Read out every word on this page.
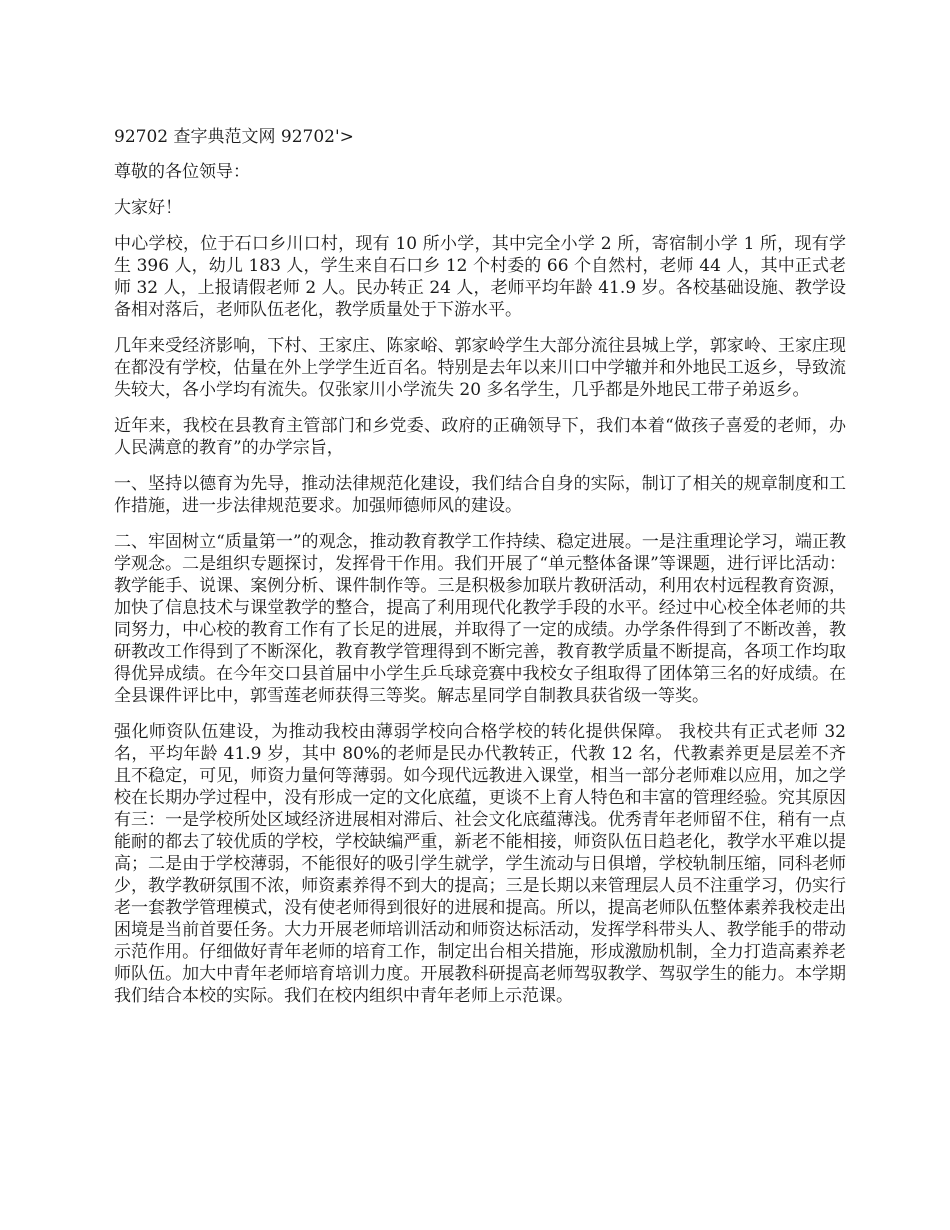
92702 查字典范文网 92702'>

尊敬的各位领导：

大家好！

中心学校，位于石口乡川口村，现有 10 所小学，其中完全小学 2 所，寄宿制小学 1 所，现有学生 396 人，幼儿 183 人，学生来自石口乡 12 个村委的 66 个自然村，老师 44 人，其中正式老师 32 人，上报请假老师 2 人。民办转正 24 人，老师平均年龄 41.9 岁。各校基础设施、教学设备相对落后，老师队伍老化，教学质量处于下游水平。

几年来受经济影响，下村、王家庄、陈家峪、郭家岭学生大部分流往县城上学，郭家岭、王家庄现在都没有学校，估量在外上学学生近百名。特别是去年以来川口中学辙并和外地民工返乡，导致流失较大，各小学均有流失。仅张家川小学流失 20 多名学生，几乎都是外地民工带子弟返乡。

近年来，我校在县教育主管部门和乡党委、政府的正确领导下，我们本着“做孩子喜爱的老师，办人民满意的教育”的办学宗旨，

一、坚持以德育为先导，推动法律规范化建设，我们结合自身的实际，制订了相关的规章制度和工作措施，进一步法律规范要求。加强师德师风的建设。

二、牢固树立“质量第一”的观念，推动教育教学工作持续、稳定进展。一是注重理论学习，端正教学观念。二是组织专题探讨，发挥骨干作用。我们开展了“单元整体备课”等课题，进行评比活动：教学能手、说课、案例分析、课件制作等。三是积极参加联片教研活动，利用农村远程教育资源，加快了信息技术与课堂教学的整合，提高了利用现代化教学手段的水平。经过中心校全体老师的共同努力，中心校的教育工作有了长足的进展，并取得了一定的成绩。办学条件得到了不断改善，教研教改工作得到了不断深化，教育教学管理得到不断完善，教育教学质量不断提高，各项工作均取得优异成绩。在今年交口县首届中小学生乒乓球竞赛中我校女子组取得了团体第三名的好成绩。在全县课件评比中，郭雪莲老师获得三等奖。解志星同学自制教具获省级一等奖。

强化师资队伍建设，为推动我校由薄弱学校向合格学校的转化提供保障。 我校共有正式老师 32 名，平均年龄 41.9 岁，其中 80%的老师是民办代教转正，代教 12 名，代教素养更是层差不齐且不稳定，可见，师资力量何等薄弱。如今现代远教进入课堂，相当一部分老师难以应用，加之学校在长期办学过程中，没有形成一定的文化底蕴，更谈不上育人特色和丰富的管理经验。究其原因有三：一是学校所处区域经济进展相对滞后、社会文化底蕴薄浅。优秀青年老师留不住，稍有一点能耐的都去了较优质的学校，学校缺编严重，新老不能相接，师资队伍日趋老化，教学水平难以提高；二是由于学校薄弱，不能很好的吸引学生就学，学生流动与日俱增，学校轨制压缩，同科老师少，教学教研氛围不浓，师资素养得不到大的提高；三是长期以来管理层人员不注重学习，仍实行老一套教学管理模式，没有使老师得到很好的进展和提高。所以，提高老师队伍整体素养我校走出困境是当前首要任务。大力开展老师培训活动和师资达标活动，发挥学科带头人、教学能手的带动示范作用。仔细做好青年老师的培育工作，制定出台相关措施，形成激励机制，全力打造高素养老师队伍。加大中青年老师培育培训力度。开展教科研提高老师驾驭教学、驾驭学生的能力。本学期我们结合本校的实际。我们在校内组织中青年老师上示范课。
